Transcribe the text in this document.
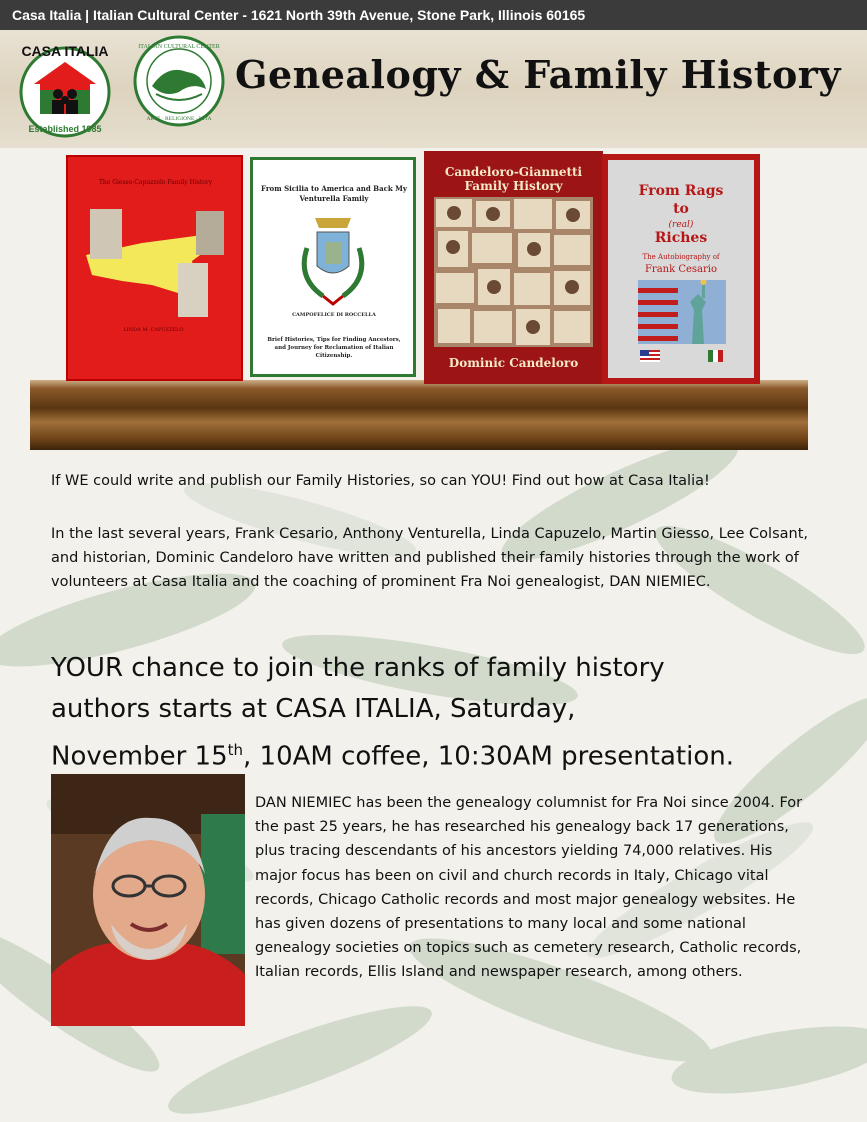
Casa Italia | Italian Cultural Center - 1621 North 39th Avenue, Stone Park, Illinois 60165
CASA ITALIA
Established 1985
ITALIAN CULTURAL CENTER
ARTE · RELIGIONE · VITA
Genealogy & Family History
The Giesso-Capuzzelo Family History
LINDA M. CAPUZZELO
From Sicilia to America and Back My Venturella Family
CAMPOFELICE DI ROCCELLA
Brief Histories, Tips for Finding Ancestors, and Journey for Reclamation of Italian Citizenship.
Candeloro-Giannetti Family History
Dominic Candeloro
From Rags
to
(real)
Riches
The Autobiography of
Frank Cesario
If WE could write and publish our Family Histories, so can YOU! Find out how at Casa Italia!
In the last several years, Frank Cesario, Anthony Venturella, Linda Capuzelo, Martin Giesso, Lee Colsant, and historian, Dominic Candeloro have written and published their family histories through the work of volunteers at Casa Italia and the coaching of prominent Fra Noi genealogist, DAN NIEMIEC.
YOUR chance to join the ranks of family history
authors starts at CASA ITALIA, Saturday,
November 15th, 10AM coffee, 10:30AM presentation.
DAN NIEMIEC has been the genealogy columnist for Fra Noi since 2004. For the past 25 years, he has researched his genealogy back 17 generations, plus tracing descendants of his ancestors yielding 74,000 relatives. His major focus has been on civil and church records in Italy, Chicago vital records, Chicago Catholic records and most major genealogy websites. He has given dozens of presentations to many local and some national genealogy societies on topics such as cemetery research, Catholic records, Italian records, Ellis Island and newspaper research, among others.
